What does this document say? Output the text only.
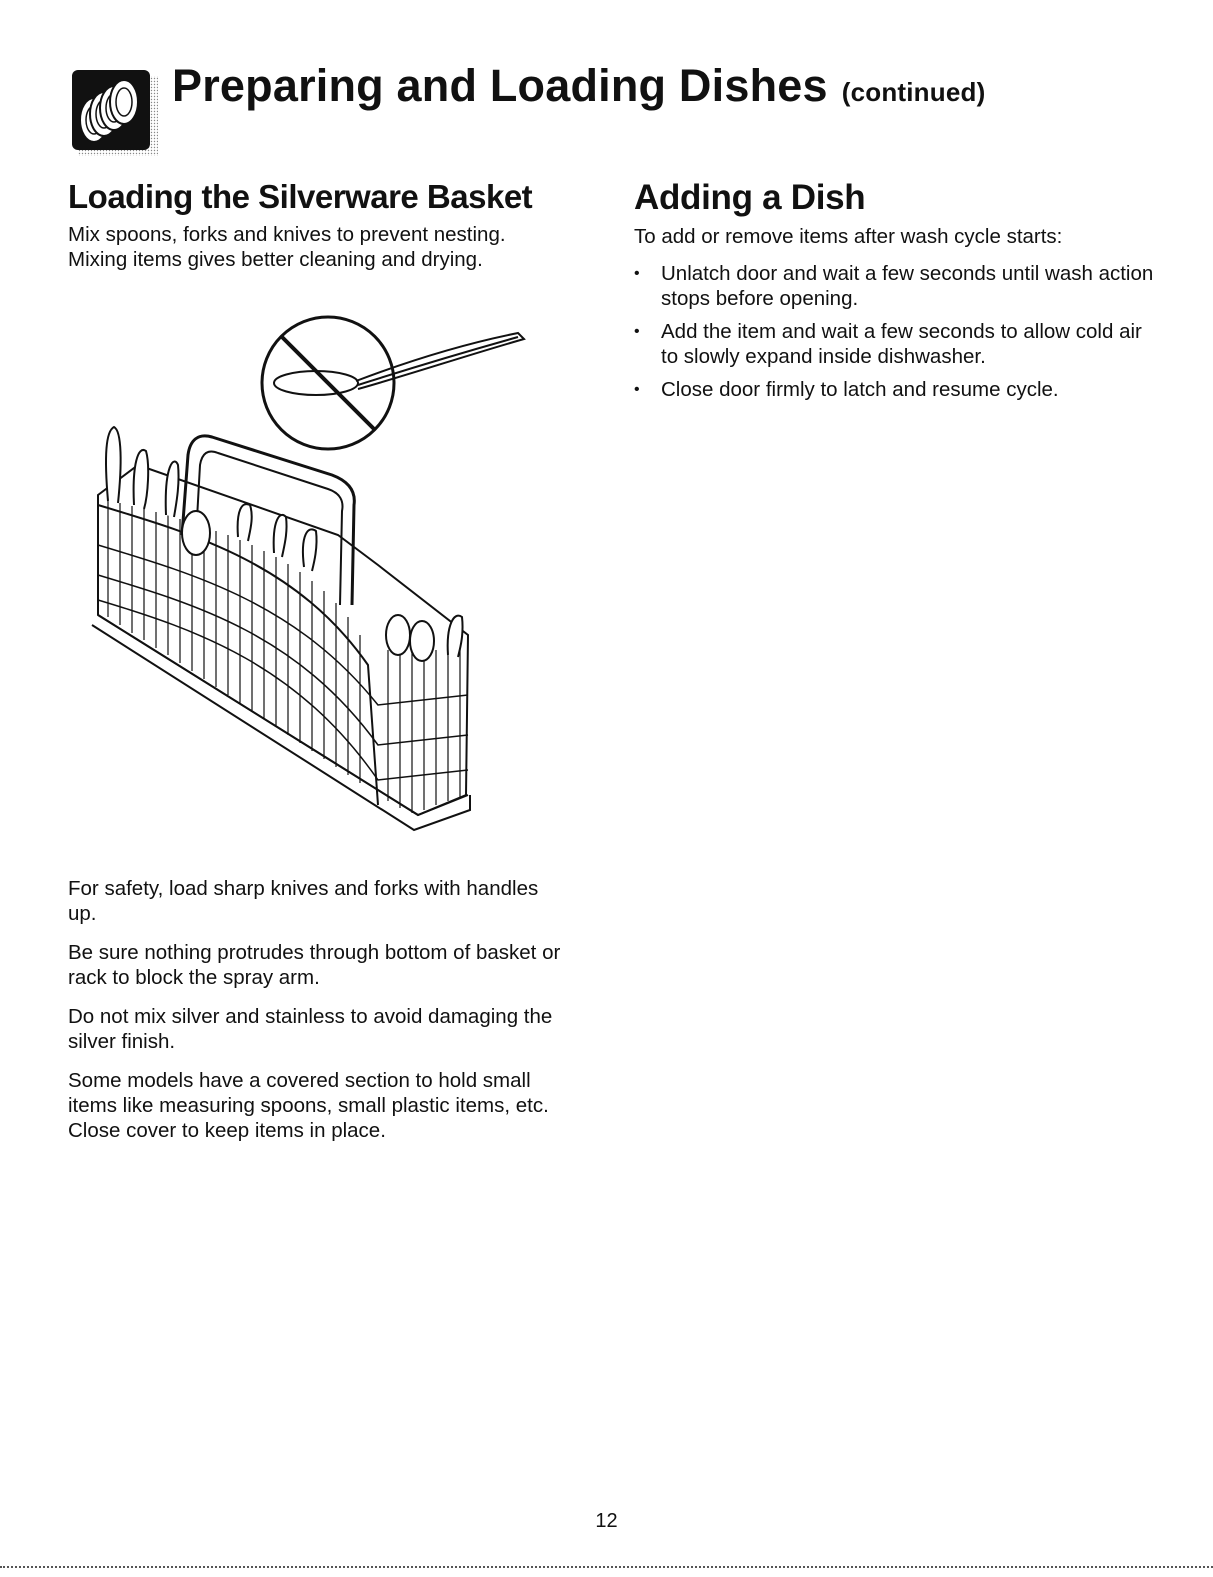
Preparing and Loading Dishes (continued)
Loading the Silverware Basket

Mix spoons, forks and knives to prevent nesting. Mixing items gives better cleaning and drying.

For safety, load sharp knives and forks with handles up.

Be sure nothing protrudes through bottom of basket or rack to block the spray arm.

Do not mix silver and stainless to avoid damaging the silver finish.

Some models have a covered section to hold small items like measuring spoons, small plastic items, etc. Close cover to keep items in place.

Adding a Dish

To add or remove items after wash cycle starts:

• Unlatch door and wait a few seconds until wash action stops before opening.
• Add the item and wait a few seconds to allow cold air to slowly expand inside dishwasher.
• Close door firmly to latch and resume cycle.
12
